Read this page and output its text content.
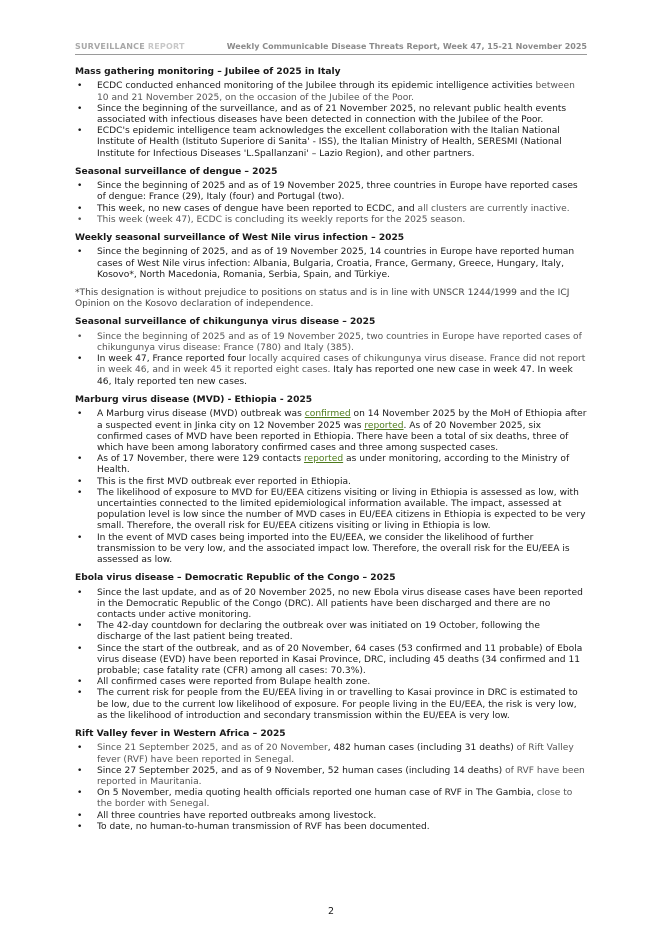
SURVEILLANCE REPORT	Weekly Communicable Disease Threats Report, Week 47, 15-21 November 2025
Mass gathering monitoring – Jubilee of 2025 in Italy
• ECDC conducted enhanced monitoring of the Jubilee through its epidemic intelligence activities between 10 and 21 November 2025, on the occasion of the Jubilee of the Poor.
• Since the beginning of the surveillance, and as of 21 November 2025, no relevant public health events associated with infectious diseases have been detected in connection with the Jubilee of the Poor.
• ECDC's epidemic intelligence team acknowledges the excellent collaboration with the Italian National Institute of Health (Istituto Superiore di Sanita' - ISS), the Italian Ministry of Health, SERESMI (National Institute for Infectious Diseases 'L.Spallanzani' – Lazio Region), and other partners.
Seasonal surveillance of dengue – 2025
• Since the beginning of 2025 and as of 19 November 2025, three countries in Europe have reported cases of dengue: France (29), Italy (four) and Portugal (two).
• This week, no new cases of dengue have been reported to ECDC, and all clusters are currently inactive.
• This week (week 47), ECDC is concluding its weekly reports for the 2025 season.
Weekly seasonal surveillance of West Nile virus infection – 2025
• Since the beginning of 2025, and as of 19 November 2025, 14 countries in Europe have reported human cases of West Nile virus infection: Albania, Bulgaria, Croatia, France, Germany, Greece, Hungary, Italy, Kosovo*, North Macedonia, Romania, Serbia, Spain, and Türkiye.

*This designation is without prejudice to positions on status and is in line with UNSCR 1244/1999 and the ICJ Opinion on the Kosovo declaration of independence.

Seasonal surveillance of chikungunya virus disease – 2025
• Since the beginning of 2025 and as of 19 November 2025, two countries in Europe have reported cases of chikungunya virus disease: France (780) and Italy (385).
• In week 47, France reported four locally acquired cases of chikungunya virus disease. France did not report in week 46, and in week 45 it reported eight cases. Italy has reported one new case in week 47. In week 46, Italy reported ten new cases.
Marburg virus disease (MVD) - Ethiopia - 2025
• A Marburg virus disease (MVD) outbreak was confirmed on 14 November 2025 by the MoH of Ethiopia after a suspected event in Jinka city on 12 November 2025 was reported. As of 20 November 2025, six confirmed cases of MVD have been reported in Ethiopia. There have been a total of six deaths, three of which have been among laboratory confirmed cases and three among suspected cases.
• As of 17 November, there were 129 contacts reported as under monitoring, according to the Ministry of Health.
• This is the first MVD outbreak ever reported in Ethiopia.
• The likelihood of exposure to MVD for EU/EEA citizens visiting or living in Ethiopia is assessed as low, with uncertainties connected to the limited epidemiological information available. The impact, assessed at population level is low since the number of MVD cases in EU/EEA citizens in Ethiopia is expected to be very small. Therefore, the overall risk for EU/EEA citizens visiting or living in Ethiopia is low.
• In the event of MVD cases being imported into the EU/EEA, we consider the likelihood of further transmission to be very low, and the associated impact low. Therefore, the overall risk for the EU/EEA is assessed as low.
Ebola virus disease – Democratic Republic of the Congo – 2025
• Since the last update, and as of 20 November 2025, no new Ebola virus disease cases have been reported in the Democratic Republic of the Congo (DRC). All patients have been discharged and there are no contacts under active monitoring.
• The 42-day countdown for declaring the outbreak over was initiated on 19 October, following the discharge of the last patient being treated.
• Since the start of the outbreak, and as of 20 November, 64 cases (53 confirmed and 11 probable) of Ebola virus disease (EVD) have been reported in Kasai Province, DRC, including 45 deaths (34 confirmed and 11 probable; case fatality rate (CFR) among all cases: 70.3%).
• All confirmed cases were reported from Bulape health zone.
• The current risk for people from the EU/EEA living in or travelling to Kasai province in DRC is estimated to be low, due to the current low likelihood of exposure. For people living in the EU/EEA, the risk is very low, as the likelihood of introduction and secondary transmission within the EU/EEA is very low.
Rift Valley fever in Western Africa – 2025
• Since 21 September 2025, and as of 20 November, 482 human cases (including 31 deaths) of Rift Valley fever (RVF) have been reported in Senegal.
• Since 27 September 2025, and as of 9 November, 52 human cases (including 14 deaths) of RVF have been reported in Mauritania.
• On 5 November, media quoting health officials reported one human case of RVF in The Gambia, close to the border with Senegal.
• All three countries have reported outbreaks among livestock.
• To date, no human-to-human transmission of RVF has been documented.
2
